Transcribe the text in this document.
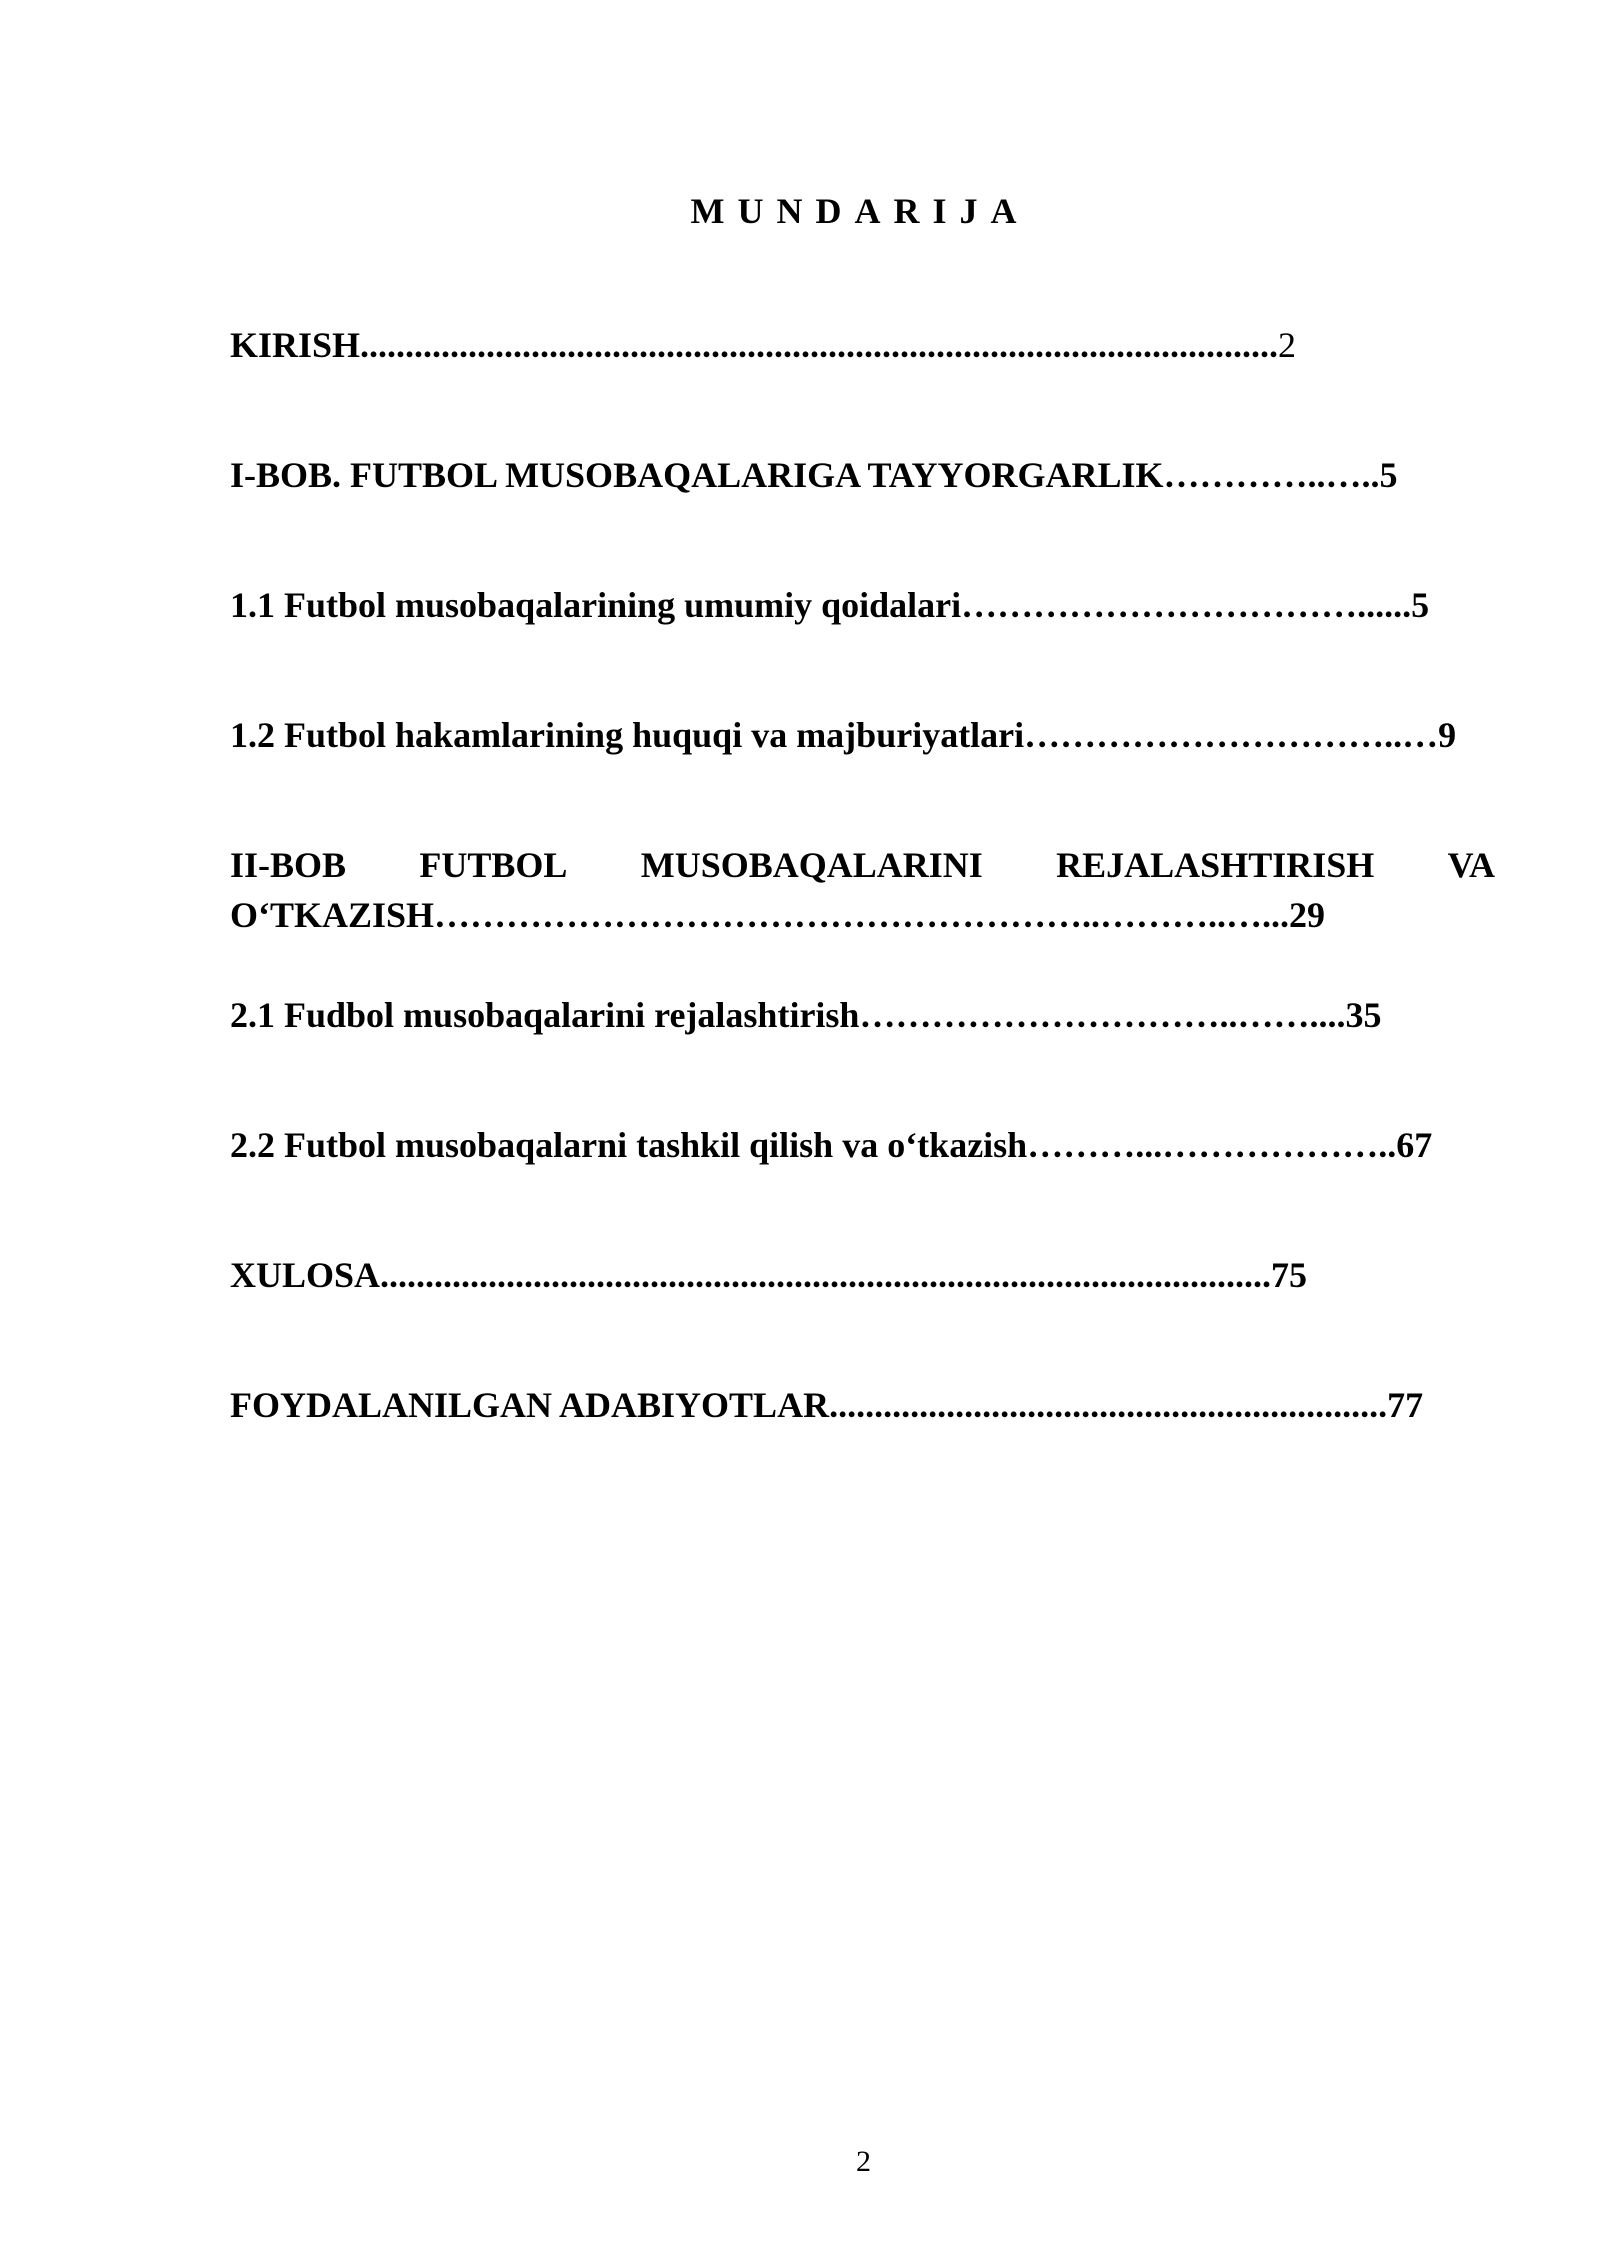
MUNDARIJA
KIRISH......................................................................................................2
I-BOB. FUTBOL MUSOBAQALARIGA TAYYORGARLIK…………..…..5
1.1 Futbol musobaqalarining umumiy qoidalari……………………………......5
1.2 Futbol hakamlarining huquqi va majburiyatlari…………………………..…9
II-BOB FUTBOL MUSOBAQALARINI REJALASHTIRISH VA
O‘TKAZISH………………………………………………..………..…...29
2.1 Fudbol musobaqalarini rejalashtirish…………………………..……....35
2.2 Futbol musobaqalarni tashkil qilish va o‘tkazish………...………………..67
XULOSA...................................................................................................75
FOYDALANILGAN ADABIYOTLAR..............................................................77
2
